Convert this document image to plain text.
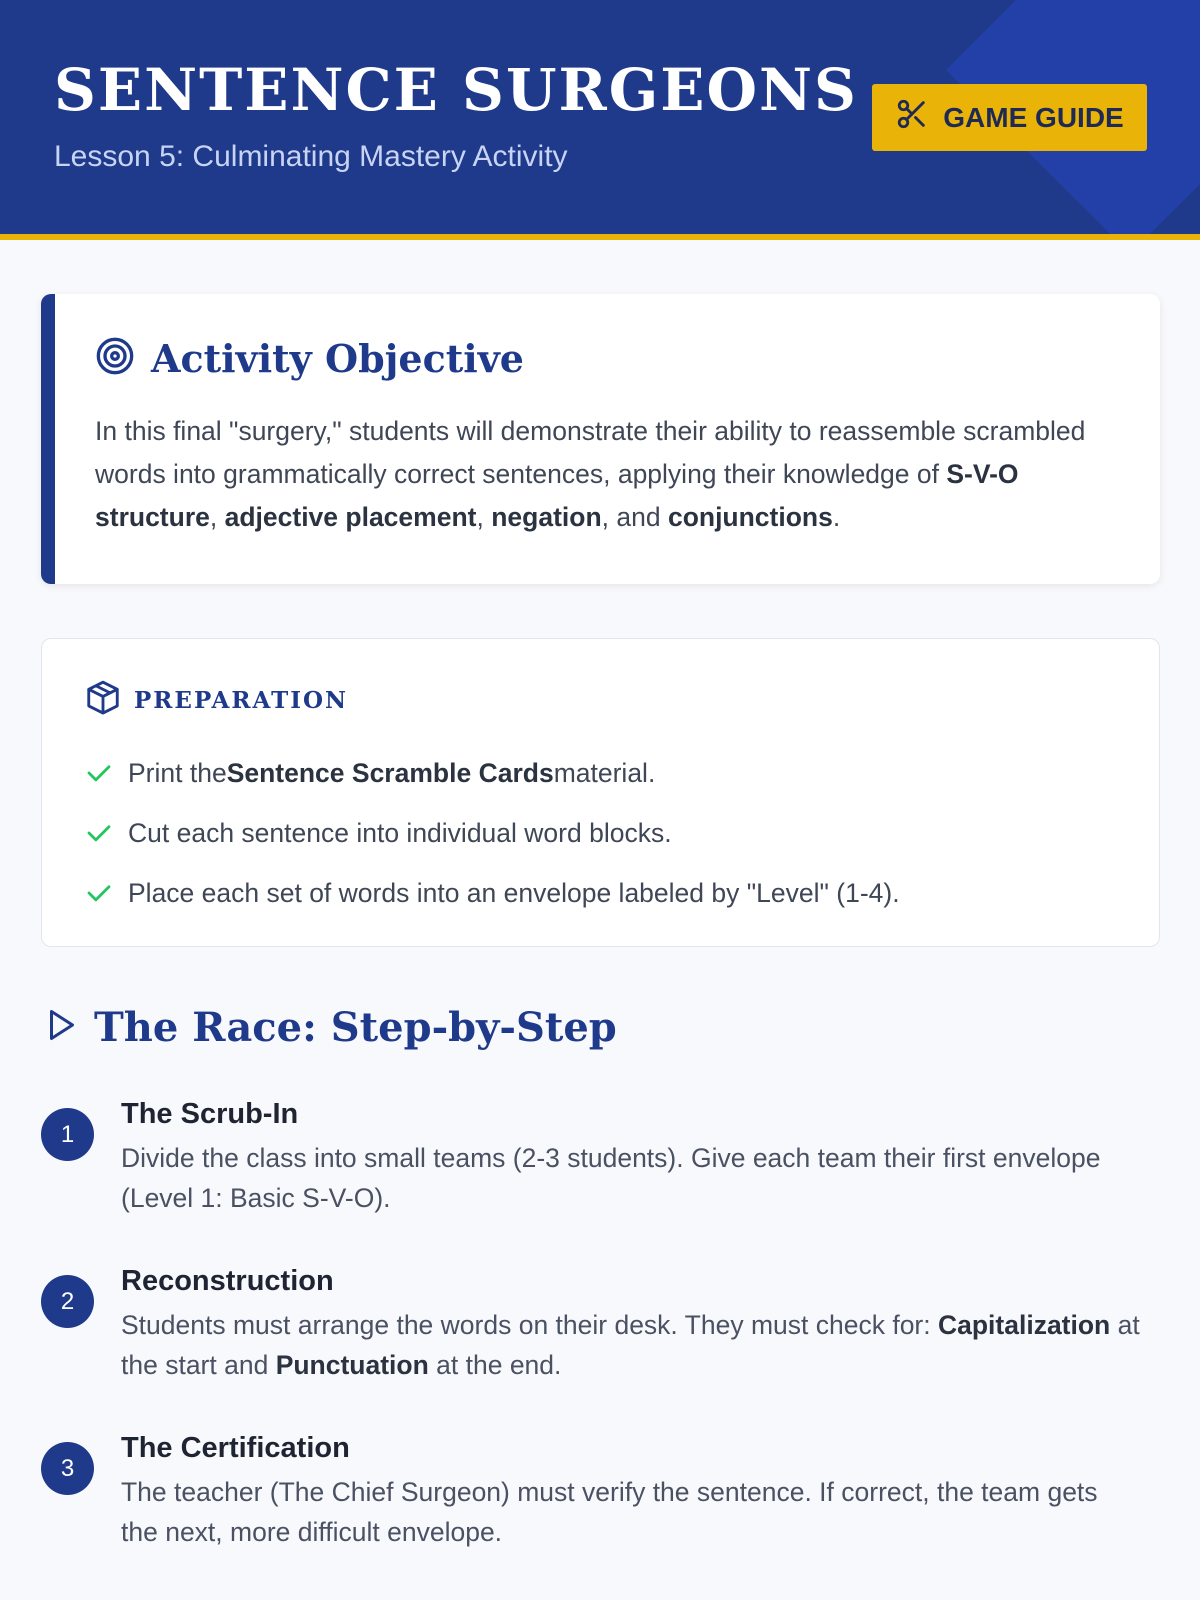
SENTENCE SURGEONS
Lesson 5: Culminating Mastery Activity
GAME GUIDE
Activity Objective

In this final "surgery," students will demonstrate their ability to reassemble scrambled words into grammatically correct sentences, applying their knowledge of S-V-O structure, adjective placement, negation, and conjunctions.

PREPARATION
Print theSentence Scramble Cardsmaterial.
Cut each sentence into individual word blocks.
Place each set of words into an envelope labeled by "Level" (1-4).
The Race: Step-by-Step
1
The Scrub-In
Divide the class into small teams (2-3 students). Give each team their first envelope (Level 1: Basic S-V-O).
2
Reconstruction
Students must arrange the words on their desk. They must check for: Capitalization at the start and Punctuation at the end.
3
The Certification
The teacher (The Chief Surgeon) must verify the sentence. If correct, the team gets the next, more difficult envelope.
